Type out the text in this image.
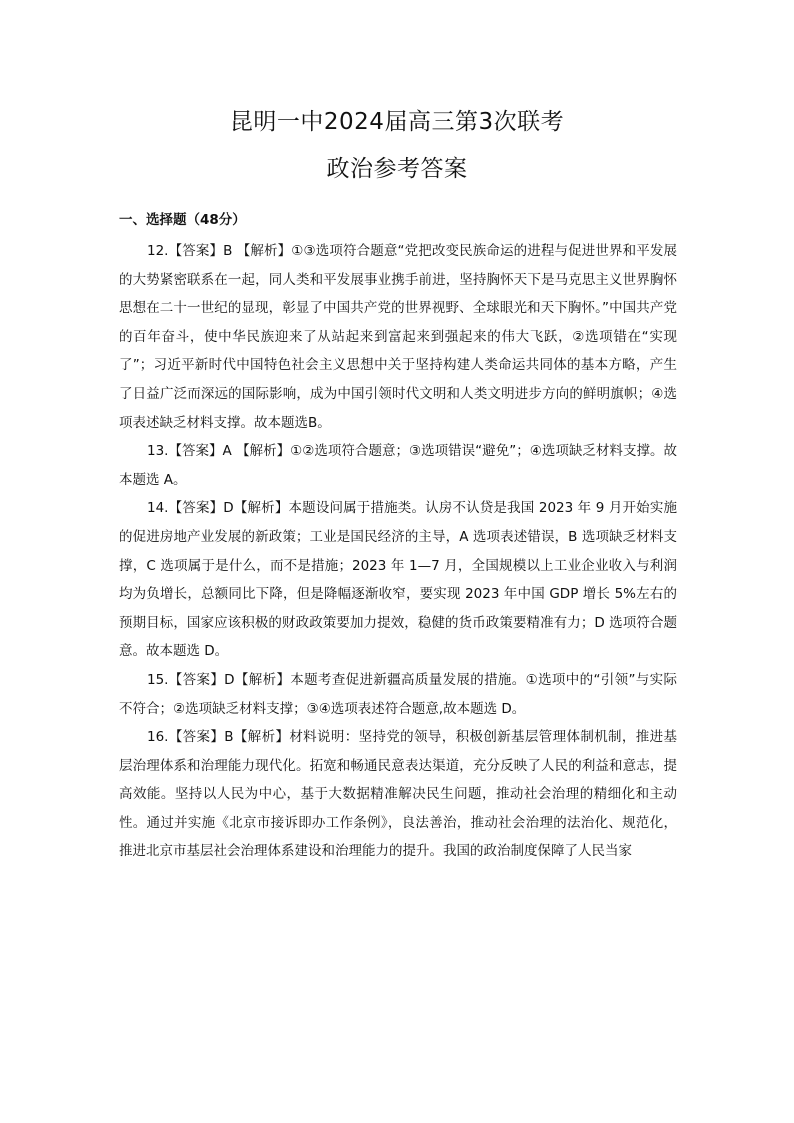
昆明一中2024届高三第3次联考
政治参考答案
一、选择题（48分）

12.【答案】B 【解析】①③选项符合题意“党把改变民族命运的进程与促进世界和平发展的大势紧密联系在一起，同人类和平发展事业携手前进，坚持胸怀天下是马克思主义世界胸怀思想在二十一世纪的显现，彰显了中国共产党的世界视野、全球眼光和天下胸怀。”中国共产党的百年奋斗，使中华民族迎来了从站起来到富起来到强起来的伟大飞跃，②选项错在“实现了”；习近平新时代中国特色社会主义思想中关于坚持构建人类命运共同体的基本方略，产生了日益广泛而深远的国际影响，成为中国引领时代文明和人类文明进步方向的鲜明旗帜；④选项表述缺乏材料支撑。故本题选B。

13.【答案】A 【解析】①②选项符合题意；③选项错误“避免”；④选项缺乏材料支撑。故本题选 A。

14.【答案】D【解析】本题设问属于措施类。认房不认贷是我国 2023 年 9 月开始实施的促进房地产业发展的新政策；工业是国民经济的主导，A 选项表述错误，B 选项缺乏材料支撑，C 选项属于是什么，而不是措施；2023 年 1—7 月，全国规模以上工业企业收入与利润均为负增长，总额同比下降，但是降幅逐渐收窄，要实现 2023 年中国 GDP 增长 5%左右的预期目标，国家应该积极的财政政策要加力提效，稳健的货币政策要精准有力；D 选项符合题意。故本题选 D。

15.【答案】D【解析】本题考查促进新疆高质量发展的措施。①选项中的“引领”与实际不符合；②选项缺乏材料支撑；③④选项表述符合题意,故本题选 D。

16.【答案】B【解析】材料说明：坚持党的领导，积极创新基层管理体制机制，推进基层治理体系和治理能力现代化。拓宽和畅通民意表达渠道，充分反映了人民的利益和意志，提高效能。坚持以人民为中心，基于大数据精准解决民生问题，推动社会治理的精细化和主动性。通过并实施《北京市接诉即办工作条例》，良法善治，推动社会治理的法治化、规范化，推进北京市基层社会治理体系建设和治理能力的提升。我国的政治制度保障了人民当家
